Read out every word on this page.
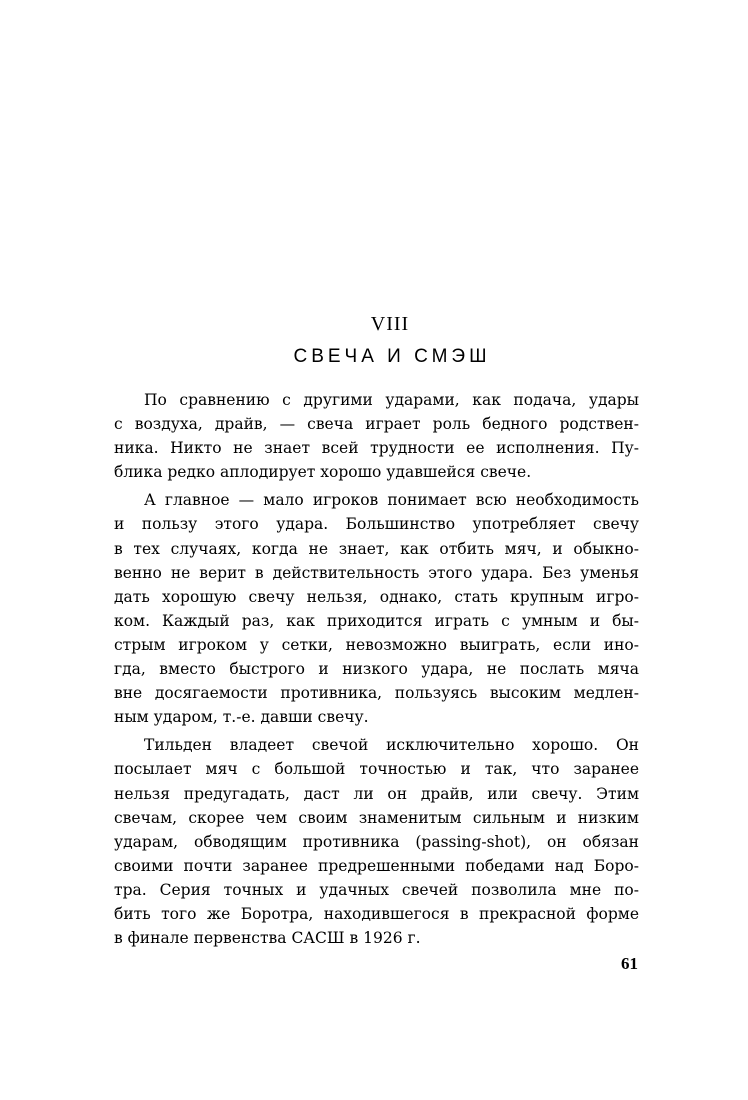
VIII
СВЕЧА И СМЭШ
По сравнению с другими ударами, как подача, удары
с воздуха, драйв, — свеча играет роль бедного родствен-
ника. Никто не знает всей трудности ее исполнения. Пу-
блика редко аплодирует хорошо удавшейся свече.
А главное — мало игроков понимает всю необходимость
и пользу этого удара. Большинство употребляет свечу
в тех случаях, когда не знает, как отбить мяч, и обыкно-
венно не верит в действительность этого удара. Без уменья
дать хорошую свечу нельзя, однако, стать крупным игро-
ком. Каждый раз, как приходится играть с умным и бы-
стрым игроком у сетки, невозможно выиграть, если ино-
гда, вместо быстрого и низкого удара, не послать мяча
вне досягаемости противника, пользуясь высоким медлен-
ным ударом, т.-е. давши свечу.
Тильден владеет свечой исключительно хорошо. Он
посылает мяч с большой точностью и так, что заранее
нельзя предугадать, даст ли он драйв, или свечу. Этим
свечам, скорее чем своим знаменитым сильным и низким
ударам, обводящим противника (passing-shot), он обязан
своими почти заранее предрешенными победами над Боро-
тра. Серия точных и удачных свечей позволила мне по-
бить того же Боротра, находившегося в прекрасной форме
в финале первенства САСШ в 1926 г.
61
